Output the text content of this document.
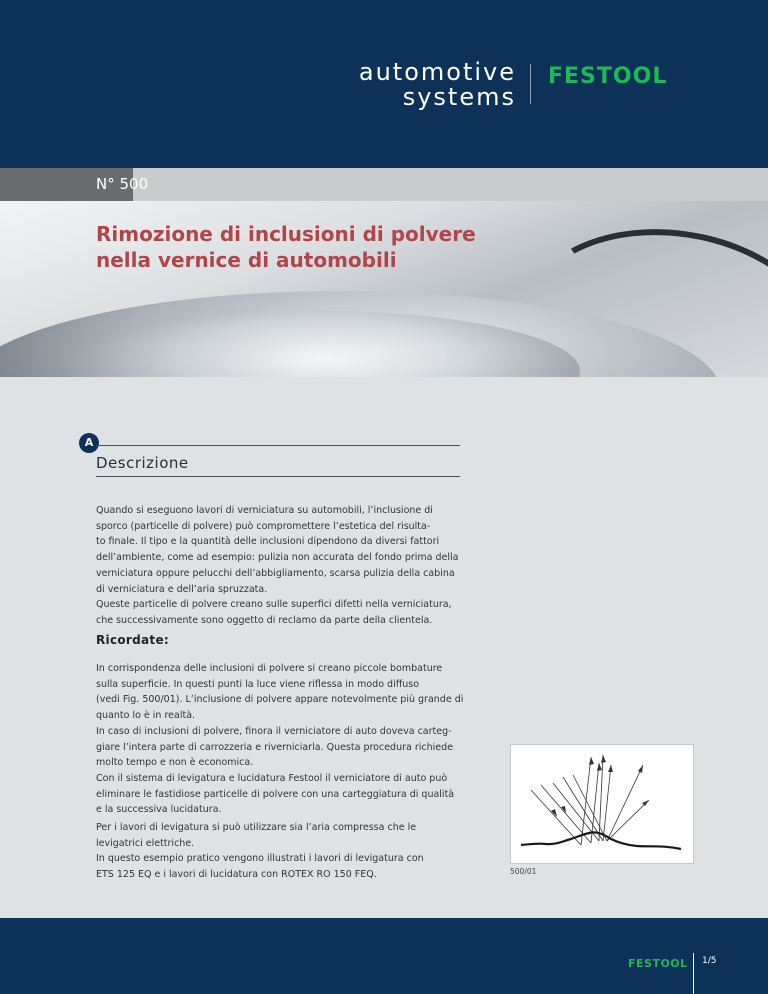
automotive
systems
FESTOOL
N° 500
Rimozione di inclusioni di polvere
nella vernice di automobili
A
Descrizione

Quando si eseguono lavori di verniciatura su automobili, l’inclusione di

sporco (particelle di polvere) può compromettere l’estetica del risulta-

to finale. Il tipo e la quantità delle inclusioni dipendono da diversi fattori

dell’ambiente, come ad esempio: pulizia non accurata del fondo prima della

verniciatura oppure pelucchi dell’abbigliamento, scarsa pulizia della cabina

di verniciatura e dell’aria spruzzata.

Queste particelle di polvere creano sulle superfici difetti nella verniciatura,

che successivamente sono oggetto di reclamo da parte della clientela.

Ricordate:

In corrispondenza delle inclusioni di polvere si creano piccole bombature

sulla superficie. In questi punti la luce viene riflessa in modo diffuso

(vedi Fig. 500/01). L’inclusione di polvere appare notevolmente più grande di

quanto lo è in realtà.

In caso di inclusioni di polvere, finora il verniciatore di auto doveva carteg-

giare l’intera parte di carrozzeria e riverniciarla. Questa procedura richiede

molto tempo e non è economica.

Con il sistema di levigatura e lucidatura Festool il verniciatore di auto può

eliminare le fastidiose particelle di polvere con una carteggiatura di qualità

e la successiva lucidatura.

Per i lavori di levigatura si può utilizzare sia l’aria compressa che le

levigatrici elettriche.

In questo esempio pratico vengono illustrati i lavori di levigatura con

ETS 125 EQ e i lavori di lucidatura con ROTEX RO 150 FEQ.	500/01
FESTOOL 1/5
